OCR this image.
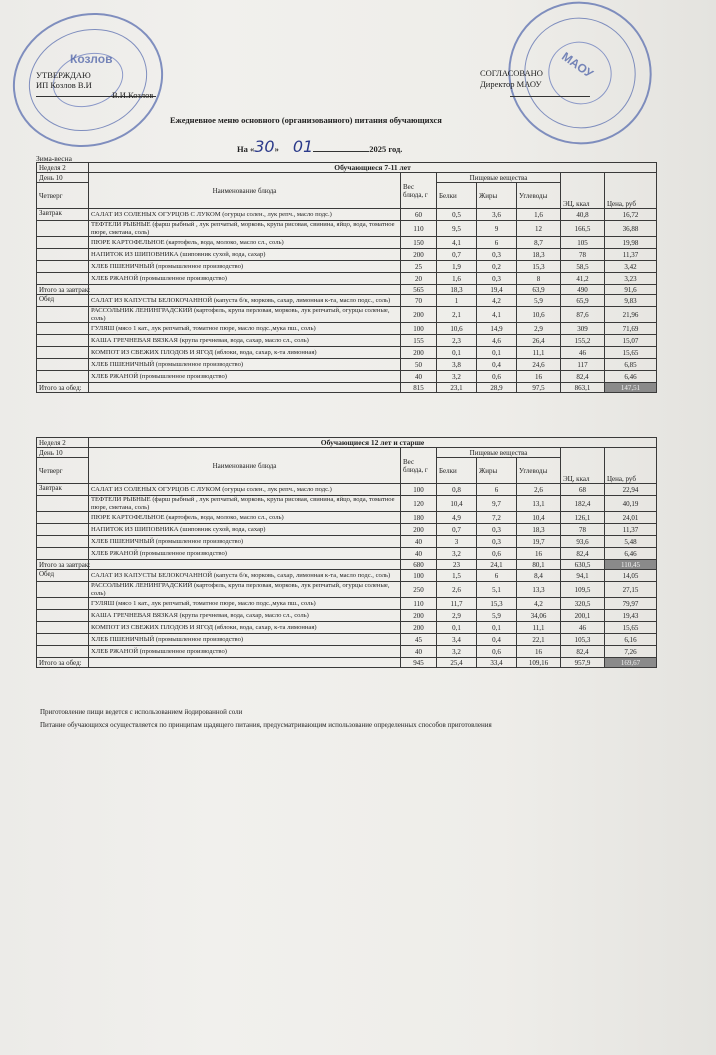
Козлов	МАОУ
УТВЕРЖДАЮ
ИП Козлов В.И
В.И.Козлов
СОГЛАСОВАНО
Директор МАОУ
Ежедневное меню основного (организованного) питания обучающихся
На «30» 01	2025 год.
Зима-весна
Неделя 2	Обучающиеся 7-11 лет						
День 10	Наименование блюда	Вес блюда, г	Пищевые вещества			ЭЦ, ккал	Цена, руб
Четверг			Белки	Жиры	Углеводы		
Завтрак	САЛАТ ИЗ СОЛЕНЫХ ОГУРЦОВ С ЛУКОМ (огурцы солен., лук репч., масло подс.)	60	0,5	3,6	1,6	40,8	16,72
	ТЕФТЕЛИ РЫБНЫЕ (фарш рыбный , лук репчатый, морковь, крупа рисовая, свинина, яйцо, вода, томатное пюре, сметана, соль)	110	9,5	9	12	166,5	36,88
	ПЮРЕ КАРТОФЕЛЬНОЕ (картофель, вода, молоко, масло сл., соль)	150	4,1	6	8,7	105	19,98
	НАПИТОК ИЗ ШИПОВНИКА (шиповник сухой, вода, сахар)	200	0,7	0,3	18,3	78	11,37
	ХЛЕБ ПШЕНИЧНЫЙ (промышленное производство)	25	1,9	0,2	15,3	58,5	3,42
	ХЛЕБ РЖАНОЙ (промышленное производство)	20	1,6	0,3	8	41,2	3,23
Итого за завтрак:		565	18,3	19,4	63,9	490	91,6
Обед	САЛАТ ИЗ КАПУСТЫ БЕЛОКОЧАННОЙ (капуста б/к, морковь, сахар, лимонная к-та, масло подс., соль)	70	1	4,2	5,9	65,9	9,83
	РАССОЛЬНИК ЛЕНИНГРАДСКИЙ (картофель, крупа перловая, морковь, лук репчатый, огурцы соленые, соль)	200	2,1	4,1	10,6	87,6	21,96
	ГУЛЯШ (мясо 1 кат., лук репчатый, томатное пюре, масло подс.,мука пш., соль)	100	10,6	14,9	2,9	309	71,69
	КАША ГРЕЧНЕВАЯ ВЯЗКАЯ (крупа гречневая, вода, сахар, масло сл., соль)	155	2,3	4,6	26,4	155,2	15,07
	КОМПОТ ИЗ СВЕЖИХ ПЛОДОВ И ЯГОД (яблоки, вода, сахар, к-та лимонная)	200	0,1	0,1	11,1	46	15,65
	ХЛЕБ ПШЕНИЧНЫЙ (промышленное производство)	50	3,8	0,4	24,6	117	6,85
	ХЛЕБ РЖАНОЙ (промышленное производство)	40	3,2	0,6	16	82,4	6,46
Итого за обед:		815	23,1	28,9	97,5	863,1	147,51
Неделя 2	Обучающиеся 12 лет и старше						
День 10	Наименование блюда	Вес блюда, г	Пищевые вещества			ЭЦ, ккал	Цена, руб
Четверг			Белки	Жиры	Углеводы		
Завтрак	САЛАТ ИЗ СОЛЕНЫХ ОГУРЦОВ С ЛУКОМ (огурцы солен., лук репч., масло подс.)	100	0,8	6	2,6	68	22,94
	ТЕФТЕЛИ РЫБНЫЕ (фарш рыбный , лук репчатый, морковь, крупа рисовая, свинина, яйцо, вода, томатное пюре, сметана, соль)	120	10,4	9,7	13,1	182,4	40,19
	ПЮРЕ КАРТОФЕЛЬНОЕ (картофель, вода, молоко, масло сл., соль)	180	4,9	7,2	10,4	126,1	24,01
	НАПИТОК ИЗ ШИПОВНИКА (шиповник сухой, вода, сахар)	200	0,7	0,3	18,3	78	11,37
	ХЛЕБ ПШЕНИЧНЫЙ (промышленное производство)	40	3	0,3	19,7	93,6	5,48
	ХЛЕБ РЖАНОЙ (промышленное производство)	40	3,2	0,6	16	82,4	6,46
Итого за завтрак:		680	23	24,1	80,1	630,5	110,45
Обед	САЛАТ ИЗ КАПУСТЫ БЕЛОКОЧАННОЙ (капуста б/к, морковь, сахар, лимонная к-та, масло подс., соль)	100	1,5	6	8,4	94,1	14,05
	РАССОЛЬНИК ЛЕНИНГРАДСКИЙ (картофель, крупа перловая, морковь, лук репчатый, огурцы соленые, соль)	250	2,6	5,1	13,3	109,5	27,15
	ГУЛЯШ (мясо 1 кат., лук репчатый, томатное пюре, масло подс.,мука пш., соль)	110	11,7	15,3	4,2	320,5	79,97
	КАША ГРЕЧНЕВАЯ ВЯЗКАЯ (крупа гречневая, вода, сахар, масло сл., соль)	200	2,9	5,9	34,06	200,1	19,43
	КОМПОТ ИЗ СВЕЖИХ ПЛОДОВ И ЯГОД (яблоки, вода, сахар, к-та лимонная)	200	0,1	0,1	11,1	46	15,65
	ХЛЕБ ПШЕНИЧНЫЙ (промышленное производство)	45	3,4	0,4	22,1	105,3	6,16
	ХЛЕБ РЖАНОЙ (промышленное производство)	40	3,2	0,6	16	82,4	7,26
Итого за обед:		945	25,4	33,4	109,16	957,9	169,67
Приготовление пищи ведется с использованием йодированной соли
Питание обучающихся осуществляется по принципам щадящего питания, предусматривающим использование определенных способов приготовления
